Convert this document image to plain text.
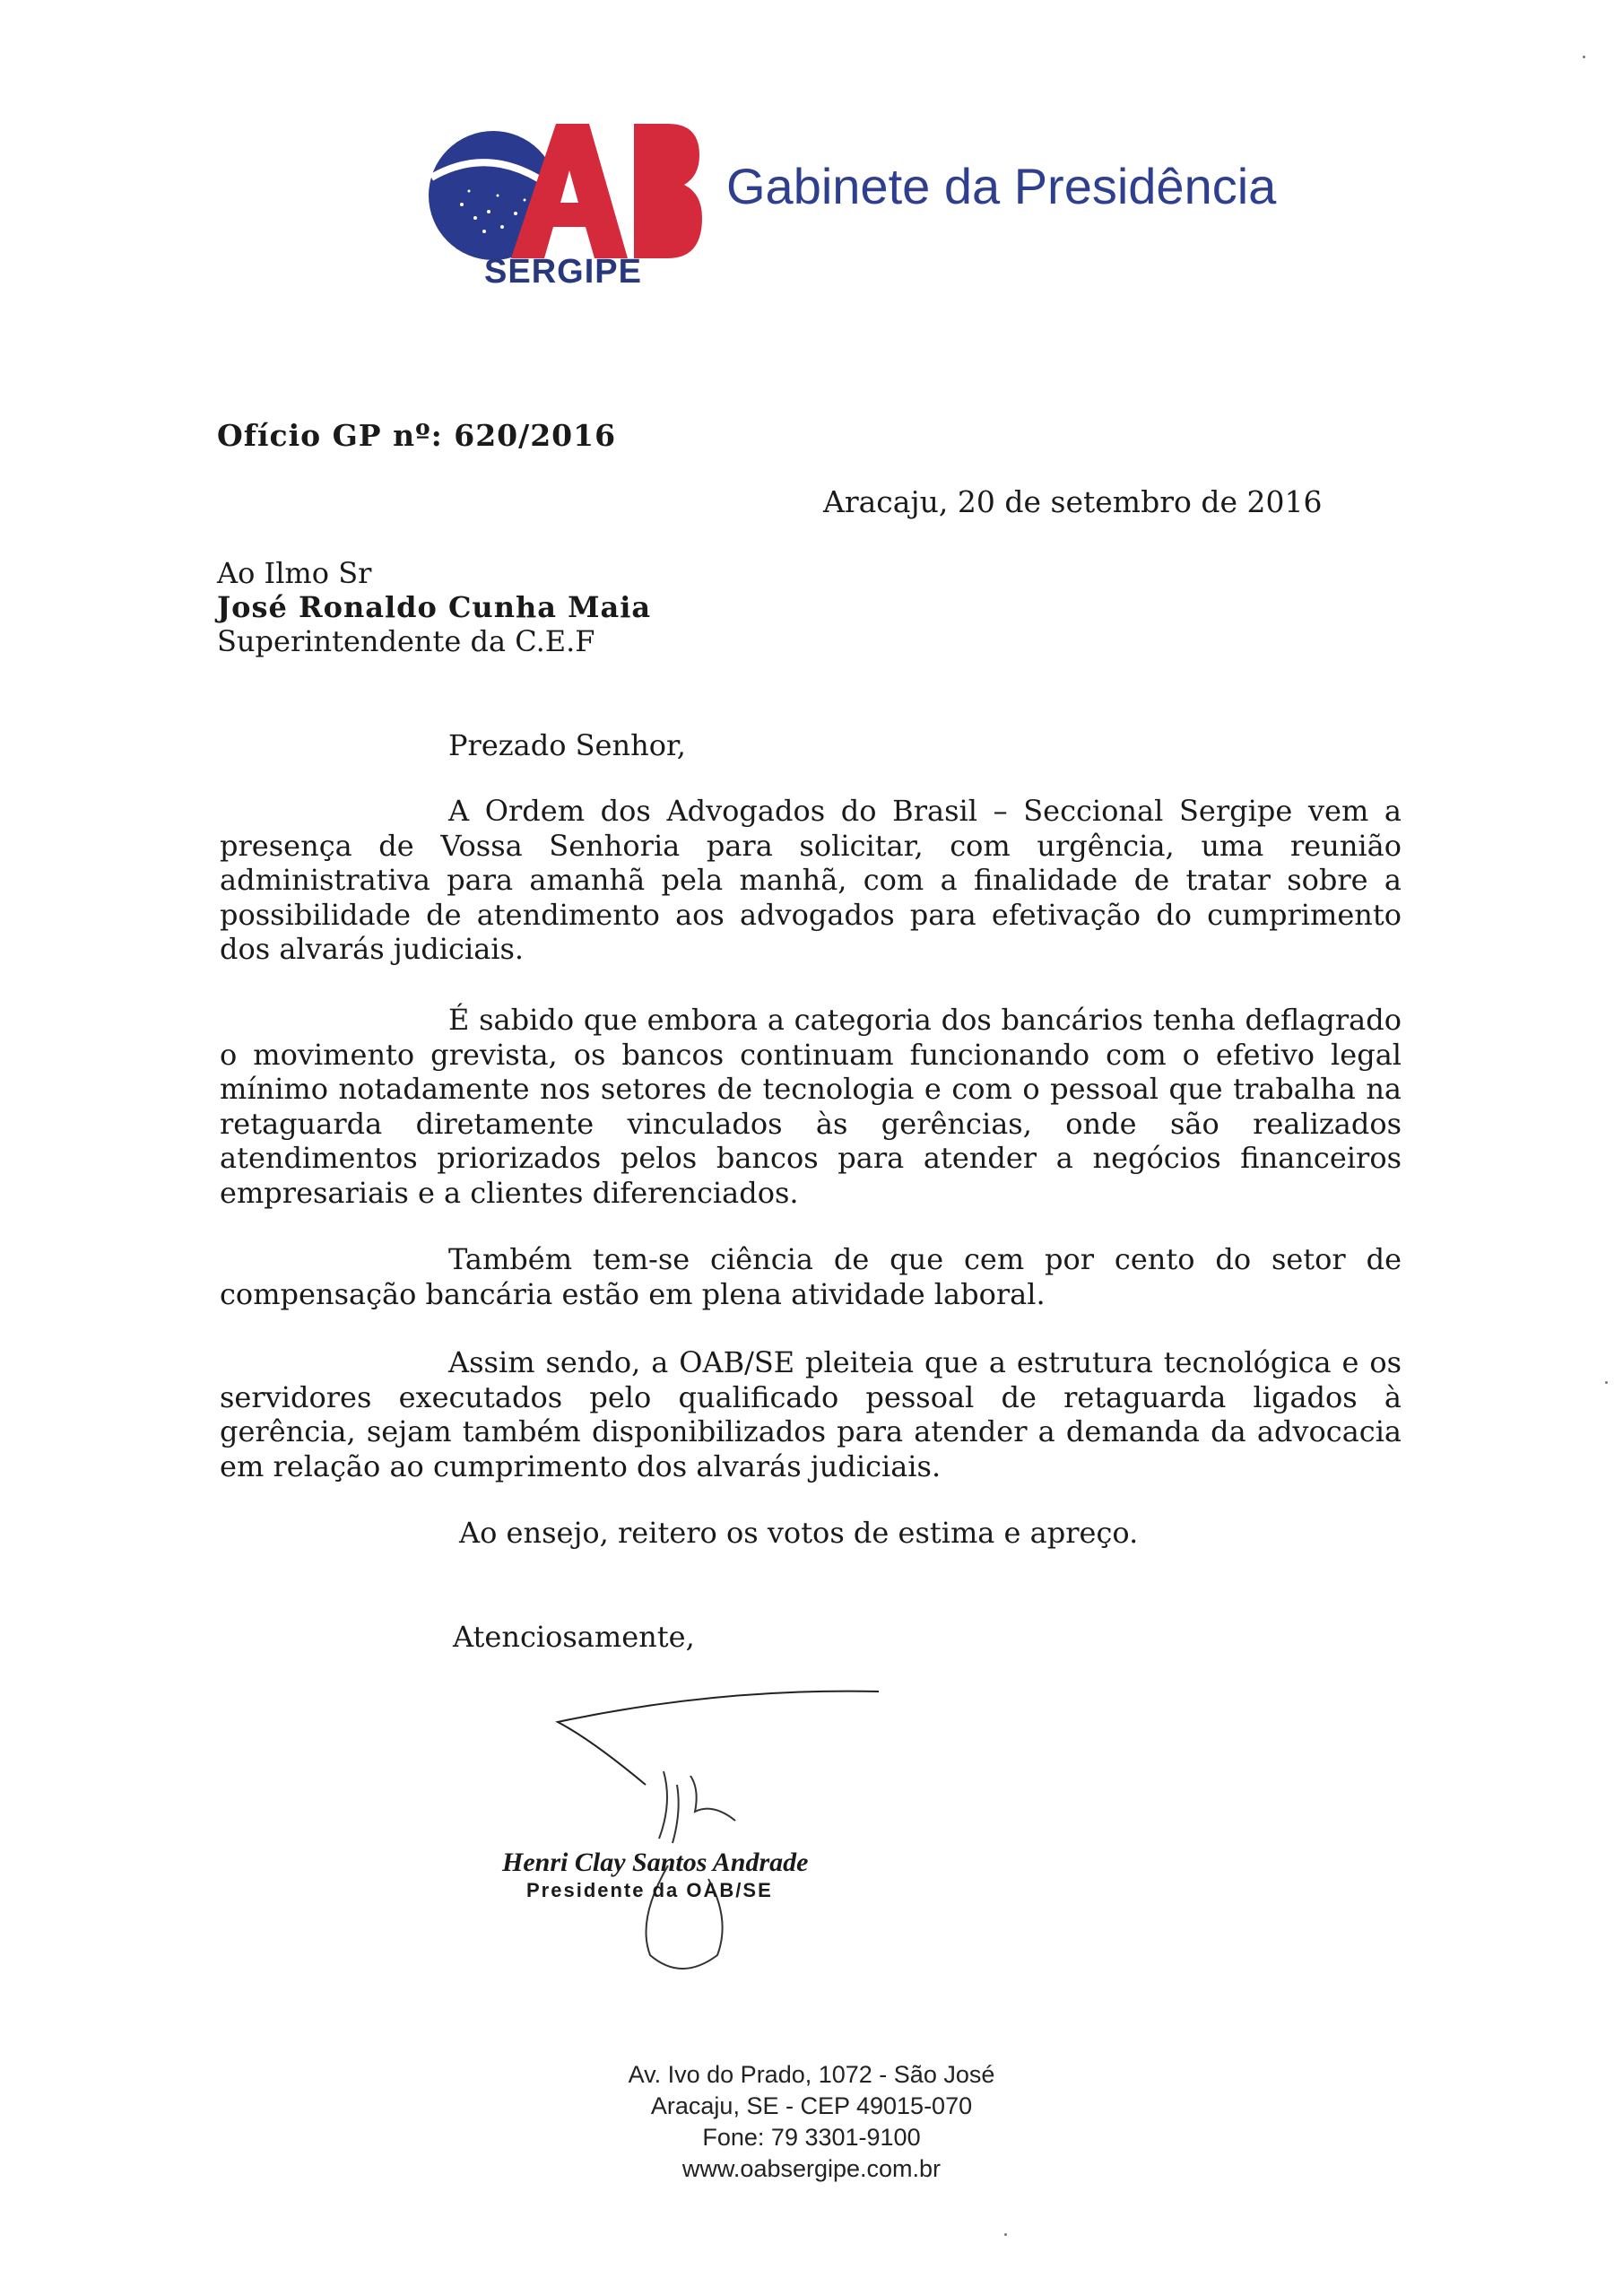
Gabinete da Presidência
SERGIPE
Ofício GP nº: 620/2016
Aracaju, 20 de setembro de 2016
Ao Ilmo Sr
José Ronaldo Cunha Maia
Superintendente da C.E.F
Prezado Senhor,
A Ordem dos Advogados do Brasil – Seccional Sergipe vem a presença de Vossa Senhoria para solicitar, com urgência, uma reunião administrativa para amanhã pela manhã, com a finalidade de tratar sobre a possibilidade de atendimento aos advogados para efetivação do cumprimento dos alvarás judiciais.
É sabido que embora a categoria dos bancários tenha deflagrado o movimento grevista, os bancos continuam funcionando com o efetivo legal mínimo notadamente nos setores de tecnologia e com o pessoal que trabalha na retaguarda diretamente vinculados às gerências, onde são realizados atendimentos priorizados pelos bancos para atender a negócios financeiros empresariais e a clientes diferenciados.
Também tem-se ciência de que cem por cento do setor de compensação bancária estão em plena atividade laboral.
Assim sendo, a OAB/SE pleiteia que a estrutura tecnológica e os servidores executados pelo qualificado pessoal de retaguarda ligados à gerência, sejam também disponibilizados para atender a demanda da advocacia em relação ao cumprimento dos alvarás judiciais.
Ao ensejo, reitero os votos de estima e apreço.
Atenciosamente,
Henri Clay Santos Andrade
Presidente da OAB/SE
Av. Ivo do Prado, 1072 - São José
Aracaju, SE - CEP 49015-070
Fone: 79 3301-9100
www.oabsergipe.com.br
